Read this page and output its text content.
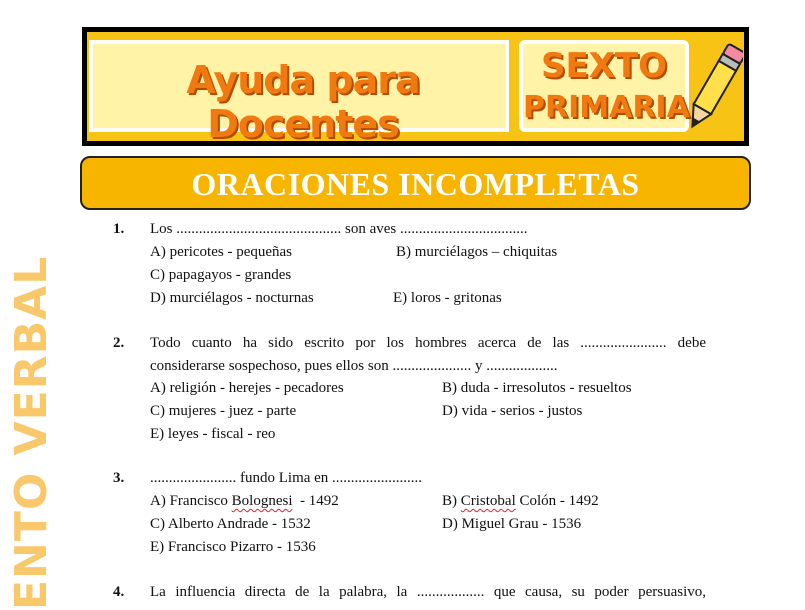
Ayuda para Docentes
SEXTO
PRIMARIA
ORACIONES INCOMPLETAS
ENTO VERBAL
1. Los ............................................ son aves ..................................
A) pericotes - pequeñas	B) murciélagos – chiquitas
C) papagayos - grandes
D) murciélagos - nocturnas	E) loros - gritonas
2. Todo cuanto ha sido escrito por los hombres acerca de las ....................... debe
considerarse sospechoso, pues ellos son ..................... y ...................
A) religión - herejes - pecadores	B) duda - irresolutos - resueltos
C) mujeres - juez - parte	D) vida - serios - justos
E) leyes - fiscal - reo
3. ....................... fundo Lima en ........................
A) Francisco Bolognesi  - 1492	B) Cristobal Colón - 1492
C) Alberto Andrade - 1532	D) Miguel Grau - 1536
E) Francisco Pizarro - 1536
4. La influencia directa de la palabra, la .................. que causa, su poder persuasivo,
